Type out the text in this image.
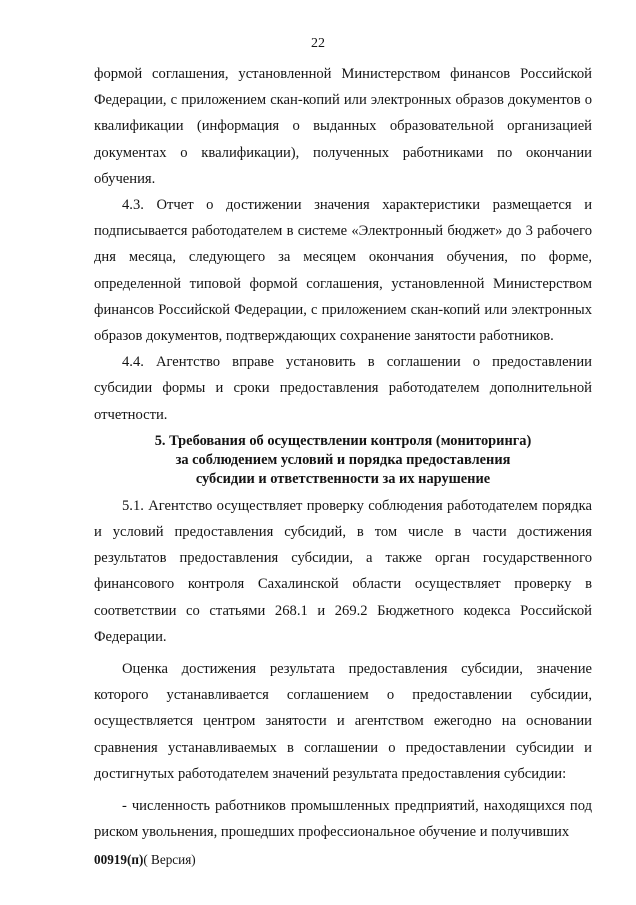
22

формой соглашения, установленной Министерством финансов Российской Федерации, с приложением скан-копий или электронных образов документов о квалификации (информация о выданных образовательной организацией документах о квалификации), полученных работниками по окончании обучения.

4.3. Отчет о достижении значения характеристики размещается и подписывается работодателем в системе «Электронный бюджет» до 3 рабочего дня месяца, следующего за месяцем окончания обучения, по форме, определенной типовой формой соглашения, установленной Министерством финансов Российской Федерации, с приложением скан-копий или электронных образов документов, подтверждающих сохранение занятости работников.

4.4. Агентство вправе установить в соглашении о предоставлении субсидии формы и сроки предоставления работодателем дополнительной отчетности.

5. Требования об осуществлении контроля (мониторинга)
за соблюдением условий и порядка предоставления
субсидии и ответственности за их нарушение

5.1. Агентство осуществляет проверку соблюдения работодателем порядка и условий предоставления субсидий, в том числе в части достижения результатов предоставления субсидии, а также орган государственного финансового контроля Сахалинской области осуществляет проверку в соответствии со статьями 268.1 и 269.2 Бюджетного кодекса Российской Федерации.

Оценка достижения результата предоставления субсидии, значение которого устанавливается соглашением о предоставлении субсидии, осуществляется центром занятости и агентством ежегодно на основании сравнения устанавливаемых в соглашении о предоставлении субсидии и достигнутых работодателем значений результата предоставления субсидии:

- численность работников промышленных предприятий, находящихся под риском увольнения, прошедших профессиональное обучение и получивших

00919(п)( Версия)
